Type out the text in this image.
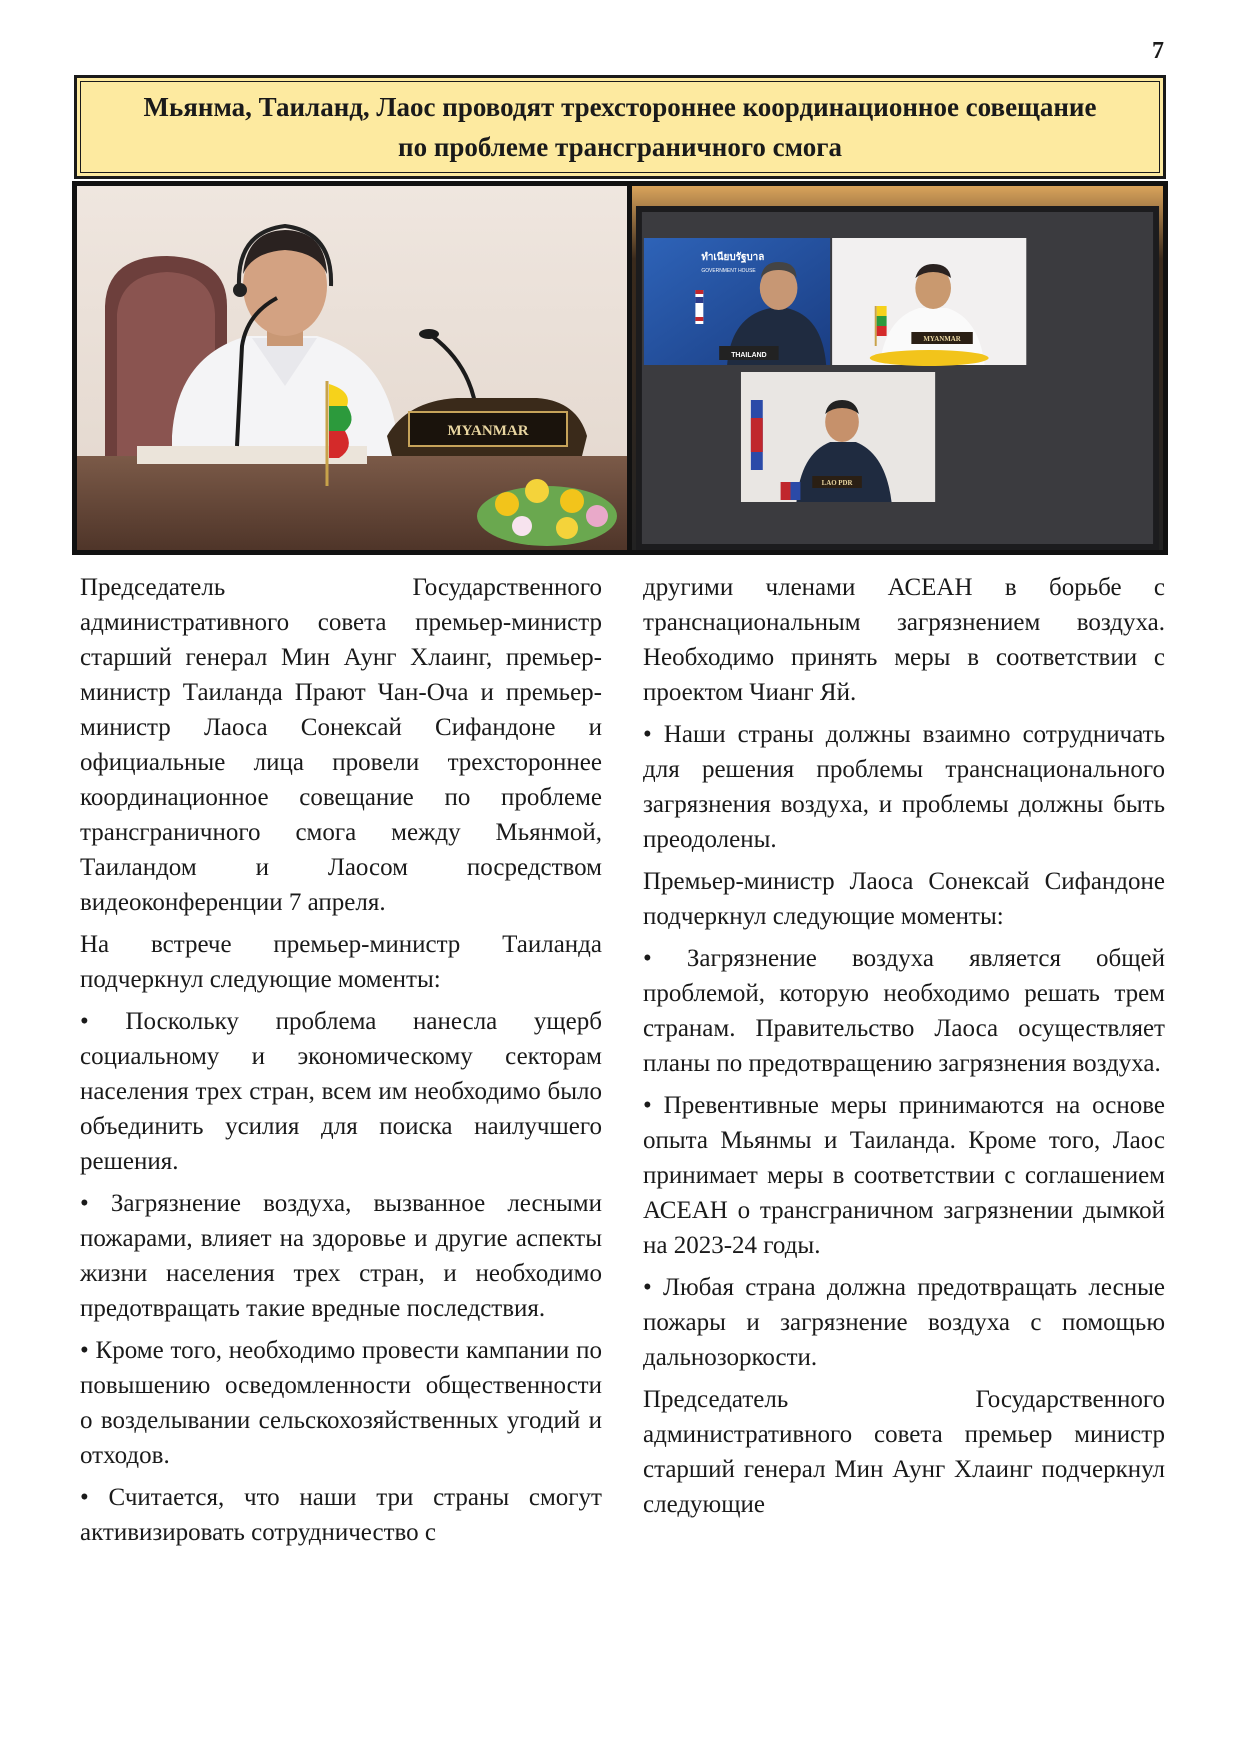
7
Мьянма, Таиланд, Лаос проводят трехстороннее координационное совещание по проблеме трансграничного смога
MYANMAR
ทำเนียบรัฐบาล
GOVERNMENT HOUSE
THAILAND
MYANMAR
LAO PDR

Председатель Государственного административного совета премьер-министр старший генерал Мин Аунг Хлаинг, премьер-министр Таиланда Прают Чан-Оча и премьер-министр Лаоса Сонексай Сифандоне и официальные лица провели трехстороннее координационное совещание по проблеме трансграничного смога между Мьянмой, Таиландом и Лаосом посредством видеоконференции 7 апреля.

На встрече премьер-министр Таиланда подчеркнул следующие моменты:

• Поскольку проблема нанесла ущерб социальному и экономическому секторам населения трех стран, всем им необходимо было объединить усилия для поиска наилучшего решения.

• Загрязнение воздуха, вызванное лесными пожарами, влияет на здоровье и другие аспекты жизни населения трех стран, и необходимо предотвращать такие вредные последствия.

• Кроме того, необходимо провести кампании по повышению осведомленности общественности о возделывании сельскохозяйственных угодий и отходов.

• Считается, что наши три страны смогут активизировать сотрудничество с

другими членами АСЕАН в борьбе с транснациональным загрязнением воздуха. Необходимо принять меры в соответствии с проектом Чианг Яй.

• Наши страны должны взаимно сотрудничать для решения проблемы транснационального загрязнения воздуха, и проблемы должны быть преодолены.

Премьер-министр Лаоса Сонексай Сифандоне подчеркнул следующие моменты:

• Загрязнение воздуха является общей проблемой, которую необходимо решать трем странам. Правительство Лаоса осуществляет планы по предотвращению загрязнения воздуха.

• Превентивные меры принимаются на основе опыта Мьянмы и Таиланда. Кроме того, Лаос принимает меры в соответствии с соглашением АСЕАН о трансграничном загрязнении дымкой на 2023-24 годы.

• Любая страна должна предотвращать лесные пожары и загрязнение воздуха с помощью дальнозоркости.

Председатель Государственного административного совета премьер министр старший генерал Мин Аунг Хлаинг подчеркнул следующие
